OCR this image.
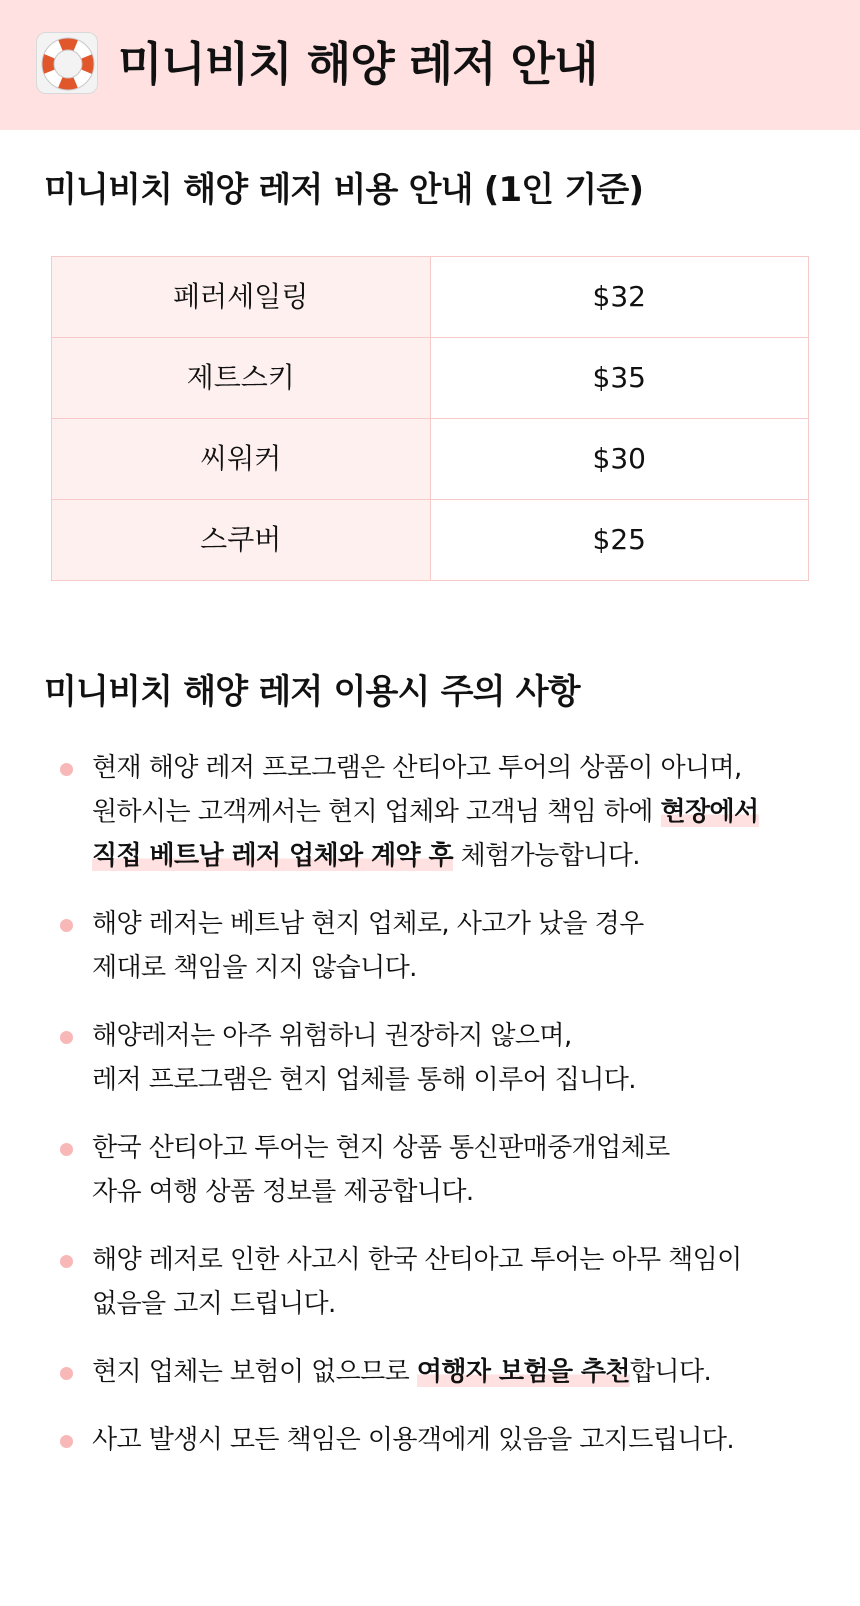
미니비치 해양 레저 안내
미니비치 해양 레저 비용 안내 (1인 기준)
페러세일링	$32
제트스키	$35
씨워커	$30
스쿠버	$25
미니비치 해양 레저 이용시 주의 사항
현재 해양 레저 프로그램은 산티아고 투어의 상품이 아니며,
원하시는 고객께서는 현지 업체와 고객님 책임 하에 현장에서
직접 베트남 레저 업체와 계약 후 체험가능합니다.
해양 레저는 베트남 현지 업체로, 사고가 났을 경우
제대로 책임을 지지 않습니다.
해양레저는 아주 위험하니 권장하지 않으며,
레저 프로그램은 현지 업체를 통해 이루어 집니다.
한국 산티아고 투어는 현지 상품 통신판매중개업체로
자유 여행 상품 정보를 제공합니다.
해양 레저로 인한 사고시 한국 산티아고 투어는 아무 책임이
없음을 고지 드립니다.
현지 업체는 보험이 없으므로 여행자 보험을 추천합니다.
사고 발생시 모든 책임은 이용객에게 있음을 고지드립니다.
